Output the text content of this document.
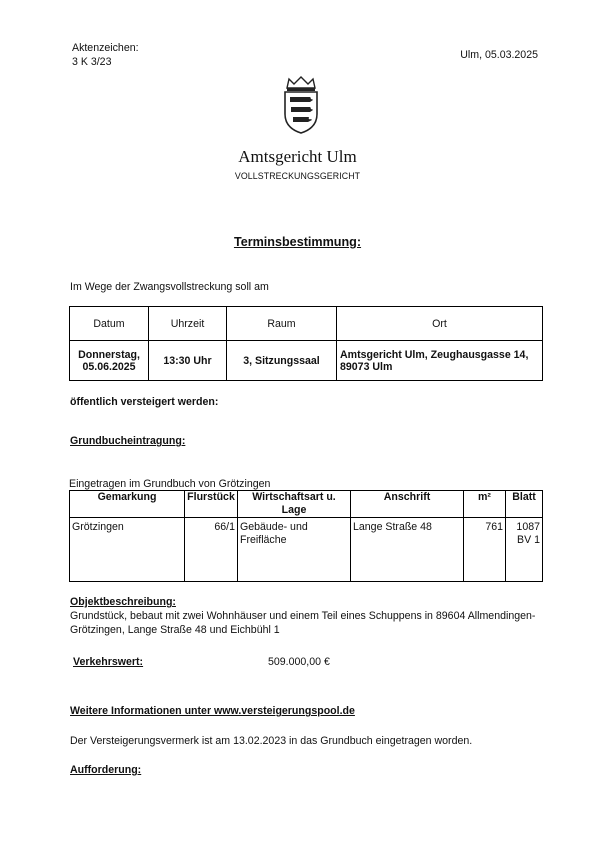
Aktenzeichen:
3 K 3/23
Ulm, 05.03.2025
Amtsgericht Ulm
VOLLSTRECKUNGSGERICHT
Terminsbestimmung:
Im Wege der Zwangsvollstreckung soll am
Datum	Uhrzeit	Raum	Ort
Donnerstag, 05.06.2025	13:30 Uhr	3, Sitzungssaal	Amtsgericht Ulm, Zeughausgasse 14, 89073 Ulm
öffentlich versteigert werden:
Grundbucheintragung:
Eingetragen im Grundbuch von Grötzingen
Gemarkung	Flurstück	Wirtschaftsart u. Lage	Anschrift	m²	Blatt
Grötzingen	66/1	Gebäude- und Freifläche	Lange Straße 48	761	1087 BV 1
Objektbeschreibung:
Grundstück, bebaut mit zwei Wohnhäuser und einem Teil eines Schuppens in 89604 Allmendingen-Grötzingen, Lange Straße 48 und Eichbühl 1
Verkehrswert:	509.000,00 €
Weitere Informationen unter www.versteigerungspool.de
Der Versteigerungsvermerk ist am 13.02.2023 in das Grundbuch eingetragen worden.
Aufforderung:
